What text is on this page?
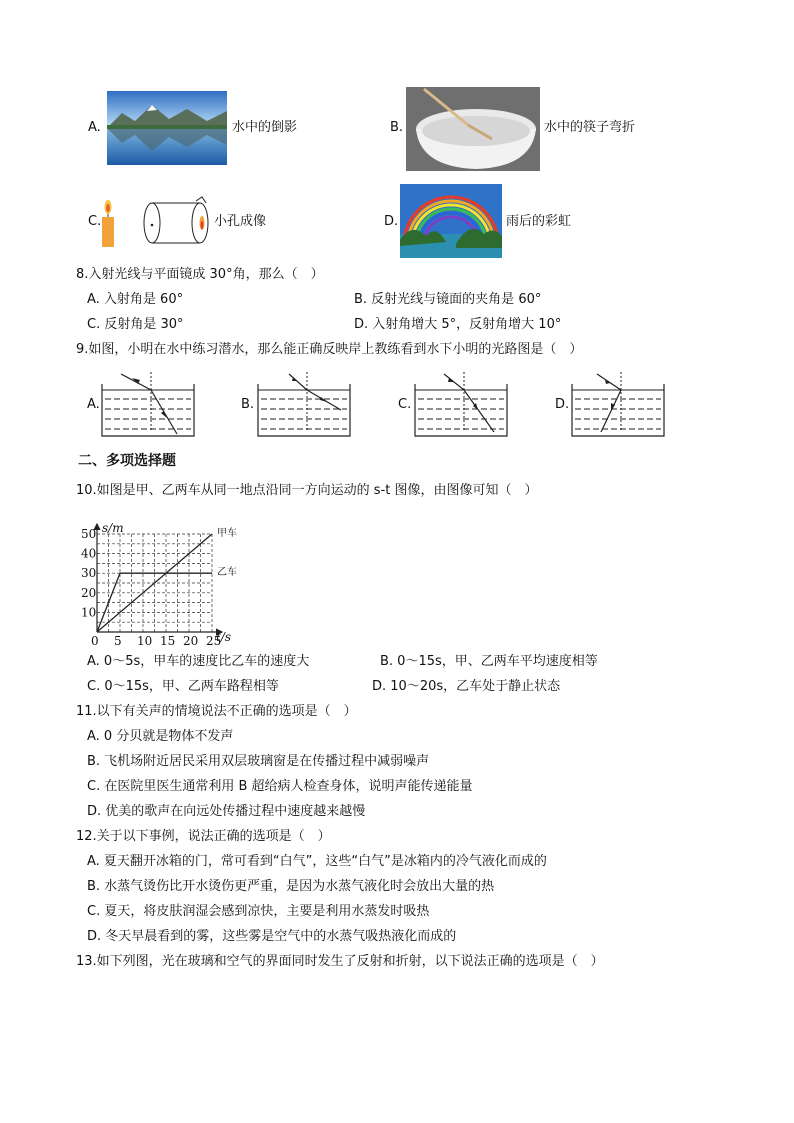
A.	水中的倒影	B.	水中的筷子弯折
C.	小孔成像	D.	雨后的彩虹
8.入射光线与平面镜成 30°角，那么（　）
A. 入射角是 60°	B. 反射光线与镜面的夹角是 60°
C. 反射角是 30°	D. 入射角增大 5°，反射角增大 10°
9.如图，小明在水中练习潜水，那么能正确反映岸上教练看到水下小明的光路图是（　）
A.	B.	C.	D.
二、多项选择题
10.如图是甲、乙两车从同一地点沿同一方向运动的 s-t 图像，由图像可知（　）
0 5 10 15 20 25
10
20
30
40
50 s/m
t/s
甲车
乙车
A. 0～5s，甲车的速度比乙车的速度大	B. 0～15s，甲、乙两车平均速度相等
C. 0～15s，甲、乙两车路程相等	D. 10～20s，乙车处于静止状态
11.以下有关声的情境说法不正确的选项是（　）
A. 0 分贝就是物体不发声
B. 飞机场附近居民采用双层玻璃窗是在传播过程中减弱噪声
C. 在医院里医生通常利用 B 超给病人检查身体，说明声能传递能量
D. 优美的歌声在向远处传播过程中速度越来越慢
12.关于以下事例，说法正确的选项是（　）
A. 夏天翻开冰箱的门，常可看到“白气”，这些“白气”是冰箱内的冷气液化而成的
B. 水蒸气烫伤比开水烫伤更严重，是因为水蒸气液化时会放出大量的热
C. 夏天，将皮肤润湿会感到凉快，主要是利用水蒸发时吸热
D. 冬天早晨看到的雾，这些雾是空气中的水蒸气吸热液化而成的
13.如下列图，光在玻璃和空气的界面同时发生了反射和折射，以下说法正确的选项是（　）
